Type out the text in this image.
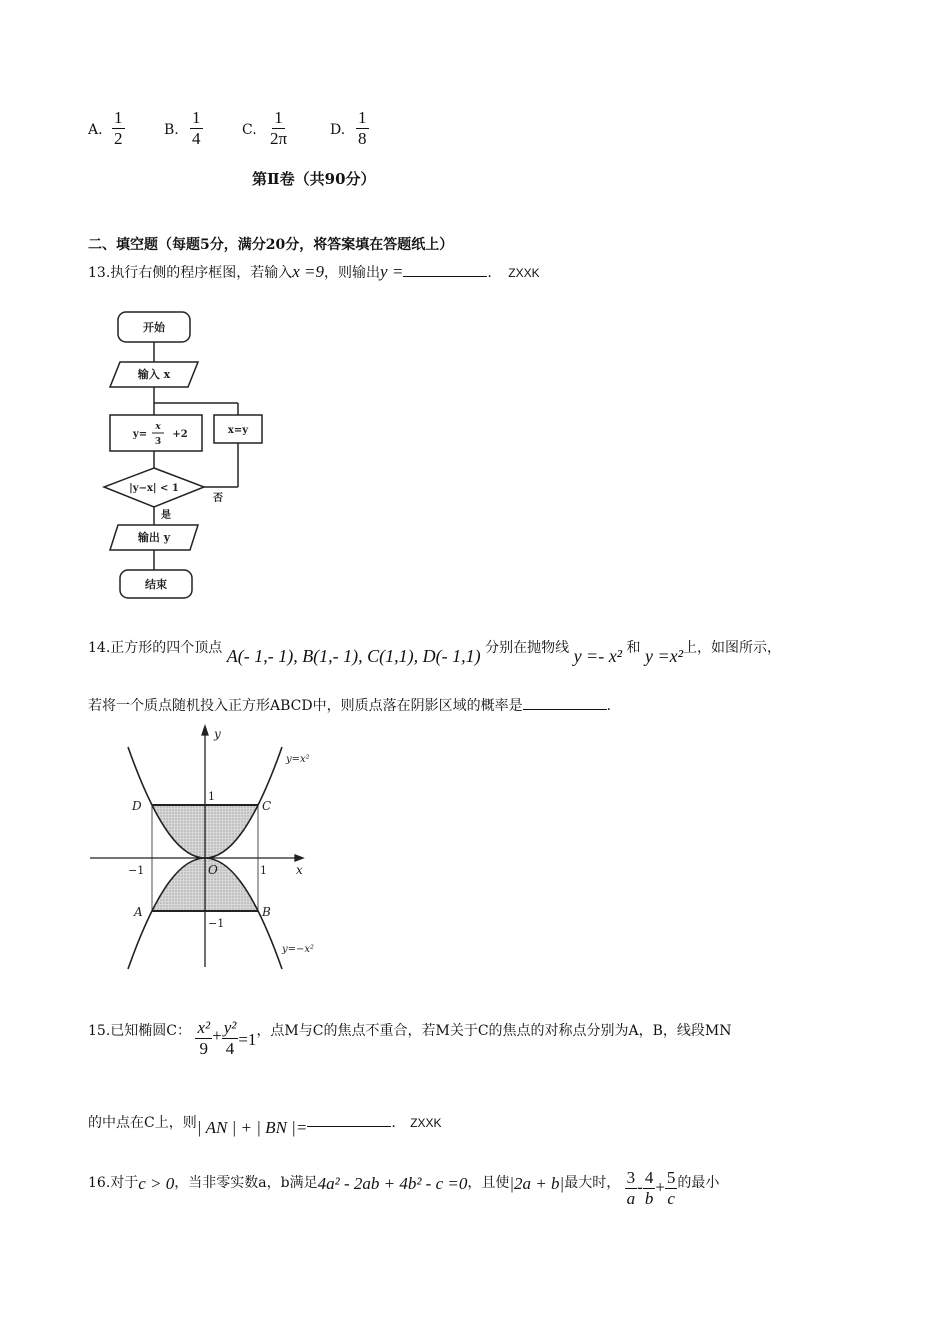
A. $\frac{1}{2}$	B. $\frac{1}{4}$	C. $\frac{1}{2\pi}$	D. $\frac{1}{8}$
第Ⅱ卷（共90分）
二、填空题（每题5分，满分20分，将答案填在答题纸上）
13.执行右侧的程序框图，若输入x =9，则输出y =	. ZXXK
开始
输入 x
y=
x
3
+2	x=y
|y−x| < 1
否
是
输出 y
结束
14.正方形的四个顶点 A(- 1,- 1), B(1,- 1), C(1,1), D(- 1,1) 分别在抛物线 y =- x² 和 y =x²上，如图所示，
若将一个质点随机投入正方形ABCD中，则质点落在阴影区域的概率是	.
y
x
O
D	C
A	B
y=x²
y=−x²
1
−1
−1	1
15.已知椭圆C： $\frac{\text{x²}}{9} + \frac{\text{y²}}{4} =1$，点M与C的焦点不重合，若M关于C的焦点的对称点分别为A，B，线段MN
的中点在C上，则| AN | + | BN |=	. ZXXK
16.对于c > 0，当非零实数a，b满足4a² - 2ab + 4b² - c =0，且使|2a + b|最大时， $\frac{3}{a} - \frac{4}{b} + \frac{5}{c}$ 的最小
